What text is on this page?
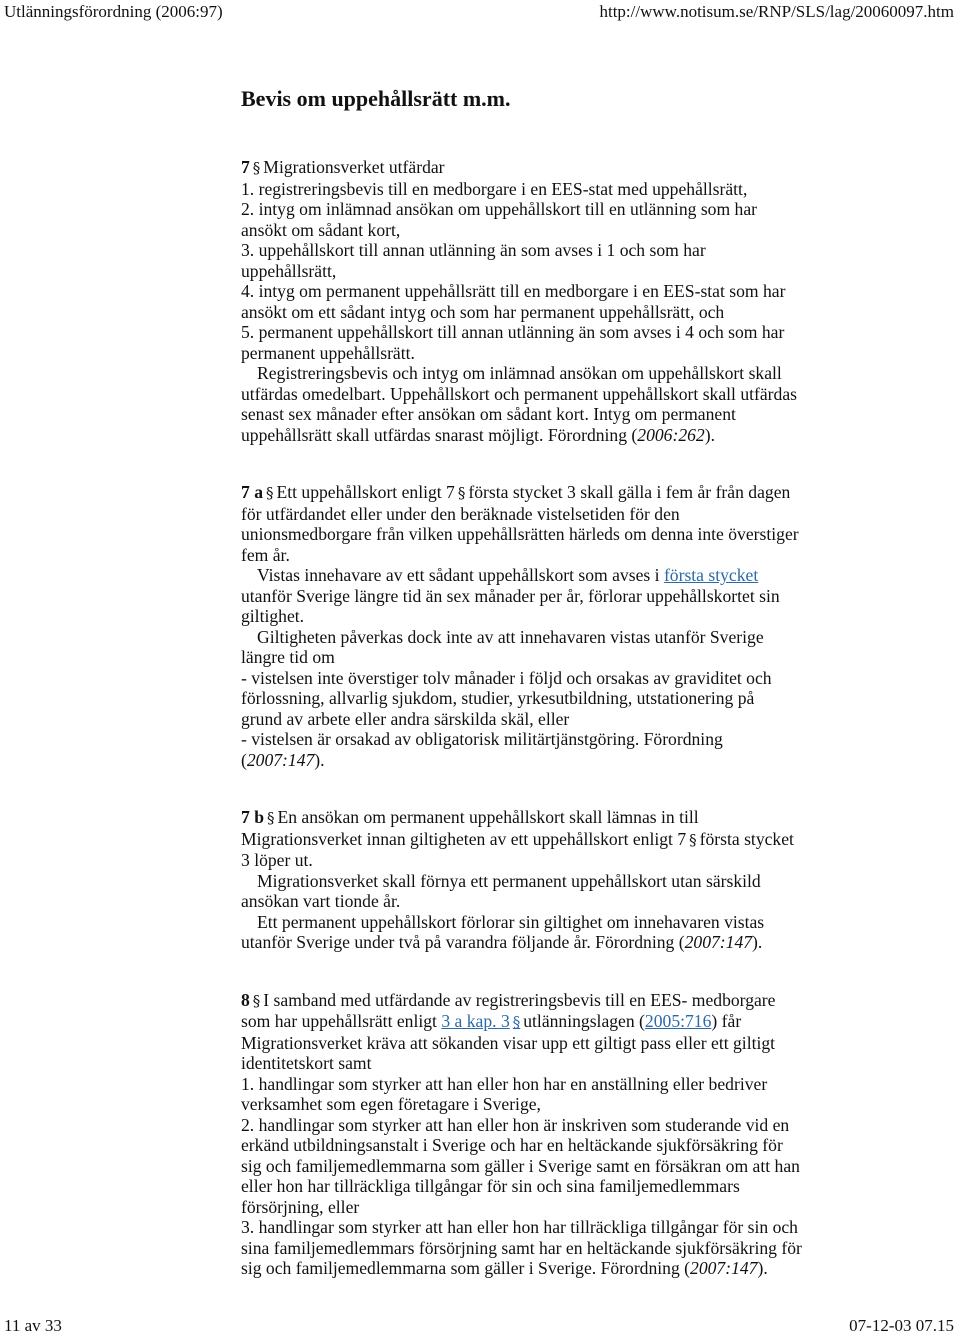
Utlänningsförordning (2006:97)	http://www.notisum.se/RNP/SLS/lag/20060097.htm
Bevis om uppehållsrätt m.m.

7 § Migrationsverket utfärdar

1. registreringsbevis till en medborgare i en EES-stat med uppehållsrätt,

2. intyg om inlämnad ansökan om uppehållskort till en utlänning som har

ansökt om sådant kort,

3. uppehållskort till annan utlänning än som avses i 1 och som har

uppehållsrätt,

4. intyg om permanent uppehållsrätt till en medborgare i en EES-stat som har

ansökt om ett sådant intyg och som har permanent uppehållsrätt, och

5. permanent uppehållskort till annan utlänning än som avses i 4 och som har

permanent uppehållsrätt.

Registreringsbevis och intyg om inlämnad ansökan om uppehållskort skall

utfärdas omedelbart. Uppehållskort och permanent uppehållskort skall utfärdas

senast sex månader efter ansökan om sådant kort. Intyg om permanent

uppehållsrätt skall utfärdas snarast möjligt. Förordning (2006:262).

7 a § Ett uppehållskort enligt 7 § första stycket 3 skall gälla i fem år från dagen

för utfärdandet eller under den beräknade vistelsetiden för den

unionsmedborgare från vilken uppehållsrätten härleds om denna inte överstiger

fem år.

Vistas innehavare av ett sådant uppehållskort som avses i första stycket

utanför Sverige längre tid än sex månader per år, förlorar uppehållskortet sin

giltighet.

Giltigheten påverkas dock inte av att innehavaren vistas utanför Sverige

längre tid om

- vistelsen inte överstiger tolv månader i följd och orsakas av graviditet och

förlossning, allvarlig sjukdom, studier, yrkesutbildning, utstationering på

grund av arbete eller andra särskilda skäl, eller

- vistelsen är orsakad av obligatorisk militärtjänstgöring. Förordning

(2007:147).

7 b § En ansökan om permanent uppehållskort skall lämnas in till

Migrationsverket innan giltigheten av ett uppehållskort enligt 7 § första stycket

3 löper ut.

Migrationsverket skall förnya ett permanent uppehållskort utan särskild

ansökan vart tionde år.

Ett permanent uppehållskort förlorar sin giltighet om innehavaren vistas

utanför Sverige under två på varandra följande år. Förordning (2007:147).

8 § I samband med utfärdande av registreringsbevis till en EES- medborgare

som har uppehållsrätt enligt 3 a kap. 3 § utlänningslagen (2005:716) får

Migrationsverket kräva att sökanden visar upp ett giltigt pass eller ett giltigt

identitetskort samt

1. handlingar som styrker att han eller hon har en anställning eller bedriver

verksamhet som egen företagare i Sverige,

2. handlingar som styrker att han eller hon är inskriven som studerande vid en

erkänd utbildningsanstalt i Sverige och har en heltäckande sjukförsäkring för

sig och familjemedlemmarna som gäller i Sverige samt en försäkran om att han

eller hon har tillräckliga tillgångar för sin och sina familjemedlemmars

försörjning, eller

3. handlingar som styrker att han eller hon har tillräckliga tillgångar för sin och

sina familjemedlemmars försörjning samt har en heltäckande sjukförsäkring för

sig och familjemedlemmarna som gäller i Sverige. Förordning (2007:147).

11 av 33	07-12-03 07.15
